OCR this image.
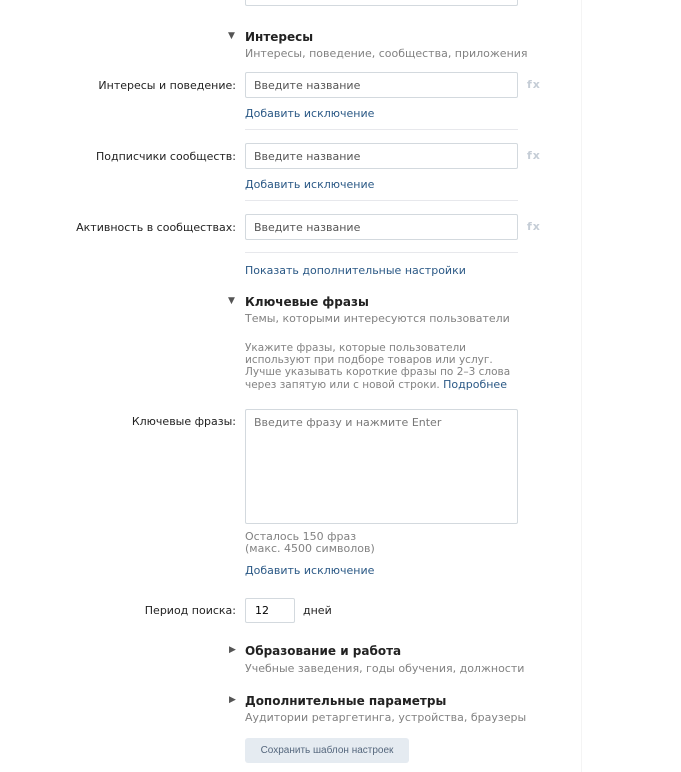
▼ Интересы
Интересы, поведение, сообщества, приложения
Интересы и поведение: Введите название	fx
Добавить исключение
Подписчики сообществ: Введите название	fx
Добавить исключение
Активность в сообществах: Введите название	fx
Показать дополнительные настройки
▼ Ключевые фразы
Темы, которыми интересуются пользователи
Укажите фразы, которые пользователи используют при подборе товаров или услуг. Лучше указывать короткие фразы по 2–3 слова через запятую или с новой строки. Подробнее
Ключевые фразы: Введите фразу и нажмите Enter
Осталось 150 фраз
(макс. 4500 символов)
Добавить исключение
Период поиска: 12	дней
▶ Образование и работа
Учебные заведения, годы обучения, должности
▶ Дополнительные параметры
Аудитории ретаргетинга, устройства, браузеры
Сохранить шаблон настроек
